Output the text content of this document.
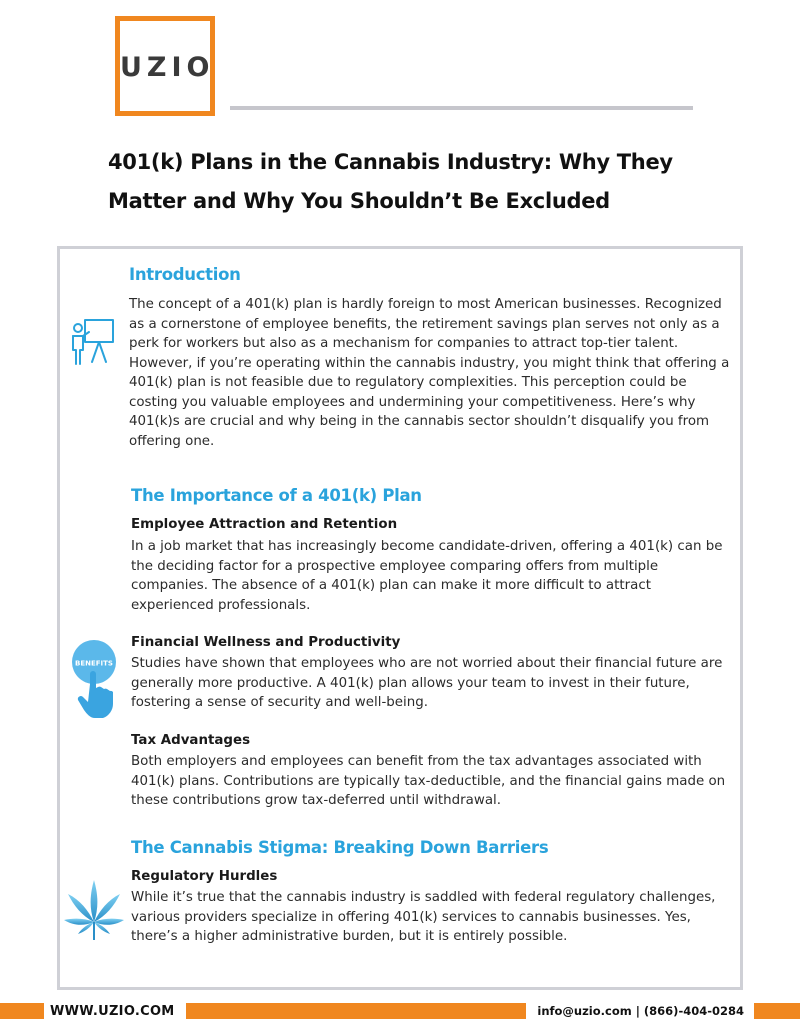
UZIO
401(k) Plans in the Cannabis Industry: Why They
Matter and Why You Shouldn’t Be Excluded
Introduction

The concept of a 401(k) plan is hardly foreign to most American businesses. Recognized as a cornerstone of employee benefits, the retirement savings plan serves not only as a perk for workers but also as a mechanism for companies to attract top-tier talent. However, if you’re operating within the cannabis industry, you might think that offering a 401(k) plan is not feasible due to regulatory complexities. This perception could be costing you valuable employees and undermining your competitiveness. Here’s why 401(k)s are crucial and why being in the cannabis sector shouldn’t disqualify you from offering one.

The Importance of a 401(k) Plan
Employee Attraction and Retention

In a job market that has increasingly become candidate-driven, offering a 401(k) can be the deciding factor for a prospective employee comparing offers from multiple companies. The absence of a 401(k) plan can make it more difficult to attract experienced professionals.

BENEFITS
Financial Wellness and Productivity

Studies have shown that employees who are not worried about their financial future are generally more productive. A 401(k) plan allows your team to invest in their future, fostering a sense of security and well-being.

Tax Advantages

Both employers and employees can benefit from the tax advantages associated with 401(k) plans. Contributions are typically tax-deductible, and the financial gains made on these contributions grow tax-deferred until withdrawal.

The Cannabis Stigma: Breaking Down Barriers
Regulatory Hurdles

While it’s true that the cannabis industry is saddled with federal regulatory challenges, various providers specialize in offering 401(k) services to cannabis businesses. Yes, there’s a higher administrative burden, but it is entirely possible.

WWW.UZIO.COM	info@uzio.com | (866)-404-0284
